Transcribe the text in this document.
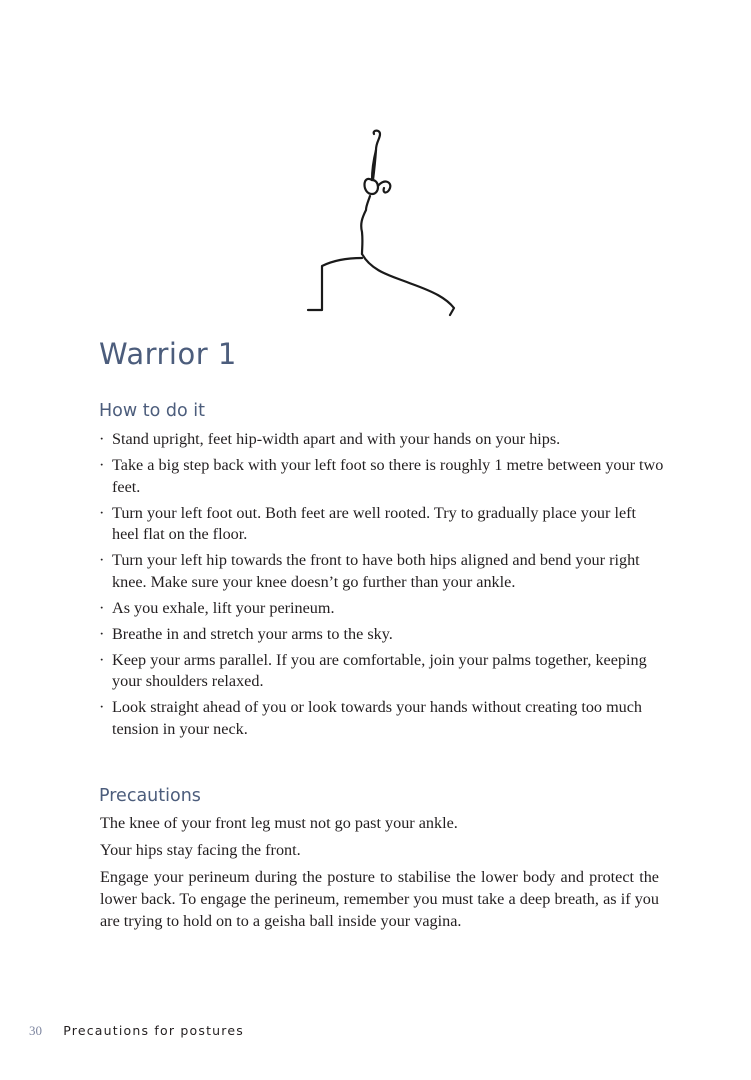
Warrior 1
How to do it
· Stand upright, feet hip-width apart and with your hands on your hips.
· Take a big step back with your left foot so there is roughly 1 metre between your two feet.
· Turn your left foot out. Both feet are well rooted. Try to gradually place your left heel flat on the floor.
· Turn your left hip towards the front to have both hips aligned and bend your right knee. Make sure your knee doesn’t go further than your ankle.
· As you exhale, lift your perineum.
· Breathe in and stretch your arms to the sky.
· Keep your arms parallel. If you are comfortable, join your palms together, keeping your shoulders relaxed.
· Look straight ahead of you or look towards your hands without creating too much tension in your neck.
Precautions

The knee of your front leg must not go past your ankle.

Your hips stay facing the front.

Engage your perineum during the posture to stabilise the lower body and protect the lower back. To engage the perineum, remember you must take a deep breath, as if you are trying to hold on to a geisha ball inside your vagina.

30 Precautions for postures
